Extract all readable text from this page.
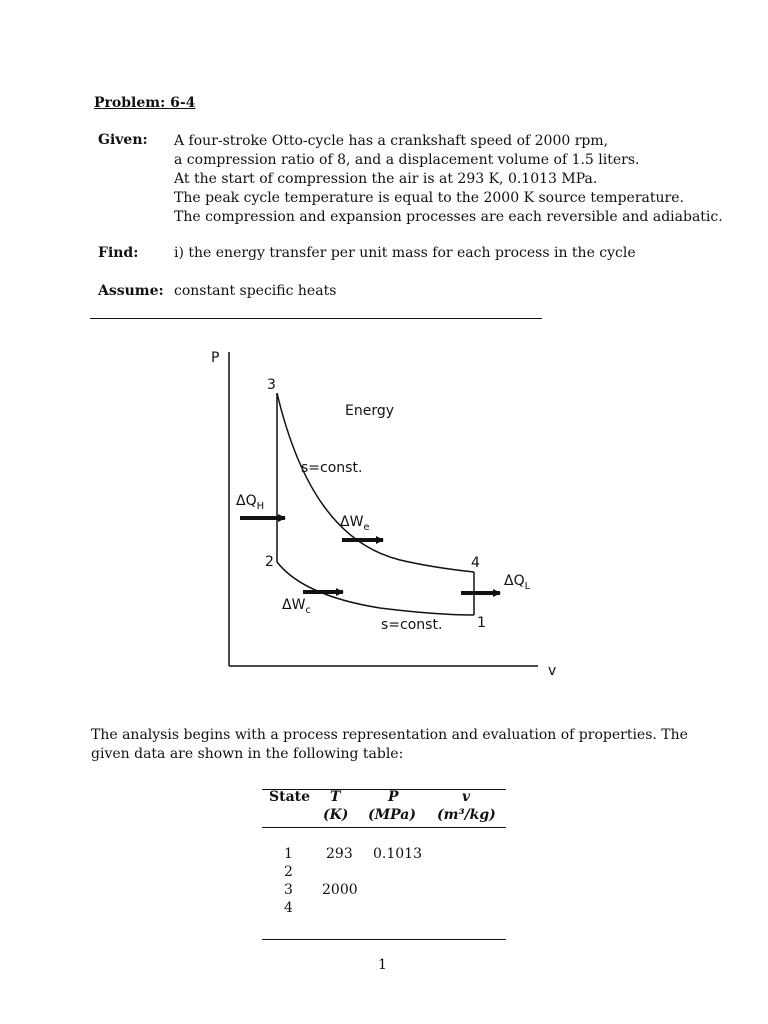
Problem: 6-4
Given: A four-stroke Otto-cycle has a crankshaft speed of 2000 rpm,
a compression ratio of 8, and a displacement volume of 1.5 liters.
At the start of compression the air is at 293 K, 0.1013 MPa.
The peak cycle temperature is equal to the 2000 K source temperature.
The compression and expansion processes are each reversible and adiabatic.
Find:	i) the energy transfer per unit mass for each process in the cycle
Assume: constant specific heats
P
v
3
2	4
1
Energy
s=const.
s=const.
$\Delta Q_H$
$\Delta W_e$
$\Delta W_c$
$\Delta Q_L$
The analysis begins with a process representation and evaluation of properties. The given data are shown in the following table:
State T
(K)
P
(MPa)
v
(m³/kg)
1 293 0.1013
2
3 2000
4
1
